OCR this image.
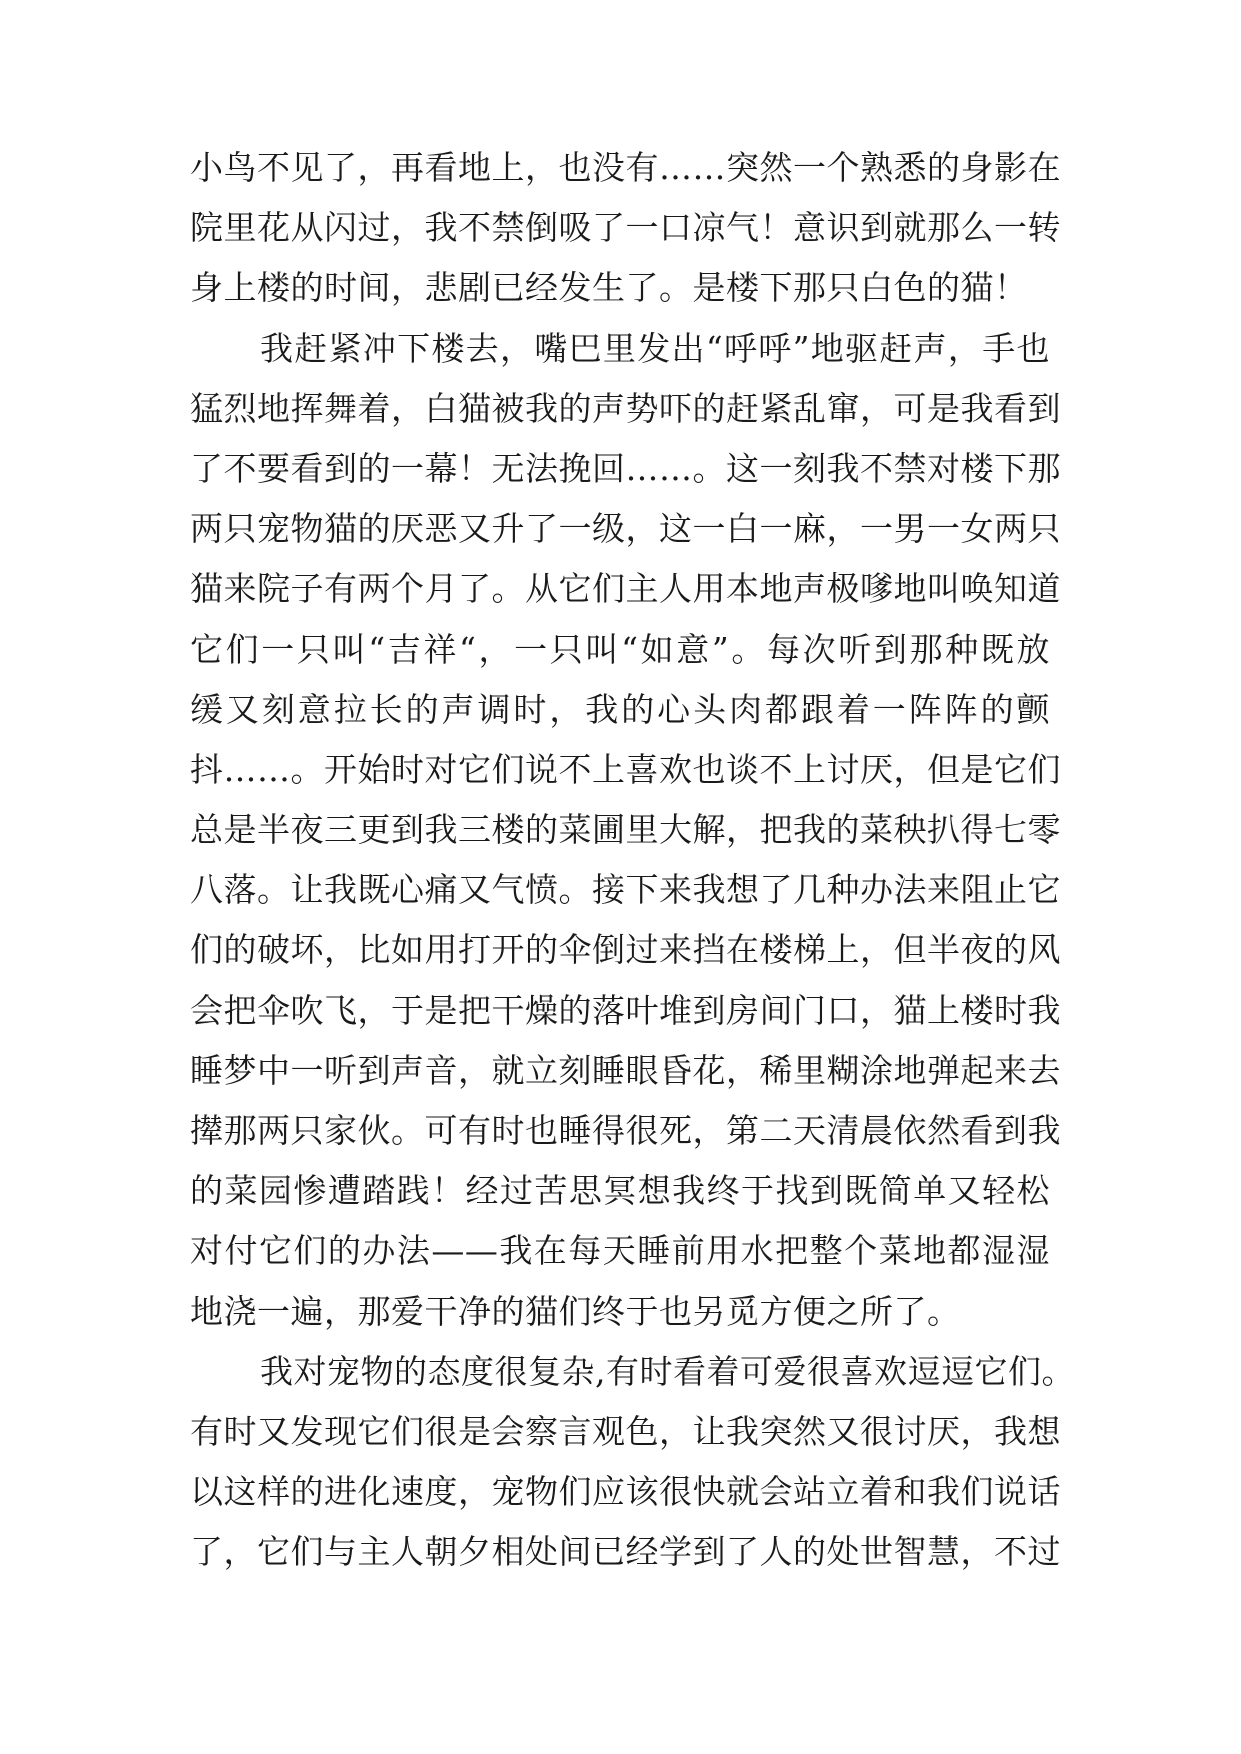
小鸟不见了，再看地上，也没有……突然一个熟悉的身影在
院里花从闪过，我不禁倒吸了一口凉气！意识到就那么一转
身上楼的时间，悲剧已经发生了。是楼下那只白色的猫！
我赶紧冲下楼去，嘴巴里发出“呼呼”地驱赶声，手也
猛烈地挥舞着，白猫被我的声势吓的赶紧乱窜，可是我看到
了不要看到的一幕！无法挽回……。这一刻我不禁对楼下那
两只宠物猫的厌恶又升了一级，这一白一麻，一男一女两只
猫来院子有两个月了。从它们主人用本地声极嗲地叫唤知道
它们一只叫“吉祥“，一只叫“如意”。每次听到那种既放
缓又刻意拉长的声调时，我的心头肉都跟着一阵阵的颤
抖……。开始时对它们说不上喜欢也谈不上讨厌，但是它们
总是半夜三更到我三楼的菜圃里大解，把我的菜秧扒得七零
八落。让我既心痛又气愤。接下来我想了几种办法来阻止它
们的破坏，比如用打开的伞倒过来挡在楼梯上，但半夜的风
会把伞吹飞，于是把干燥的落叶堆到房间门口，猫上楼时我
睡梦中一听到声音，就立刻睡眼昏花，稀里糊涂地弹起来去
撵那两只家伙。可有时也睡得很死，第二天清晨依然看到我
的菜园惨遭踏践！经过苦思冥想我终于找到既简单又轻松
对付它们的办法——我在每天睡前用水把整个菜地都湿湿
地浇一遍，那爱干净的猫们终于也另觅方便之所了。
我对宠物的态度很复杂,有时看着可爱很喜欢逗逗它们。
有时又发现它们很是会察言观色，让我突然又很讨厌，我想
以这样的进化速度，宠物们应该很快就会站立着和我们说话
了，它们与主人朝夕相处间已经学到了人的处世智慧，不过
